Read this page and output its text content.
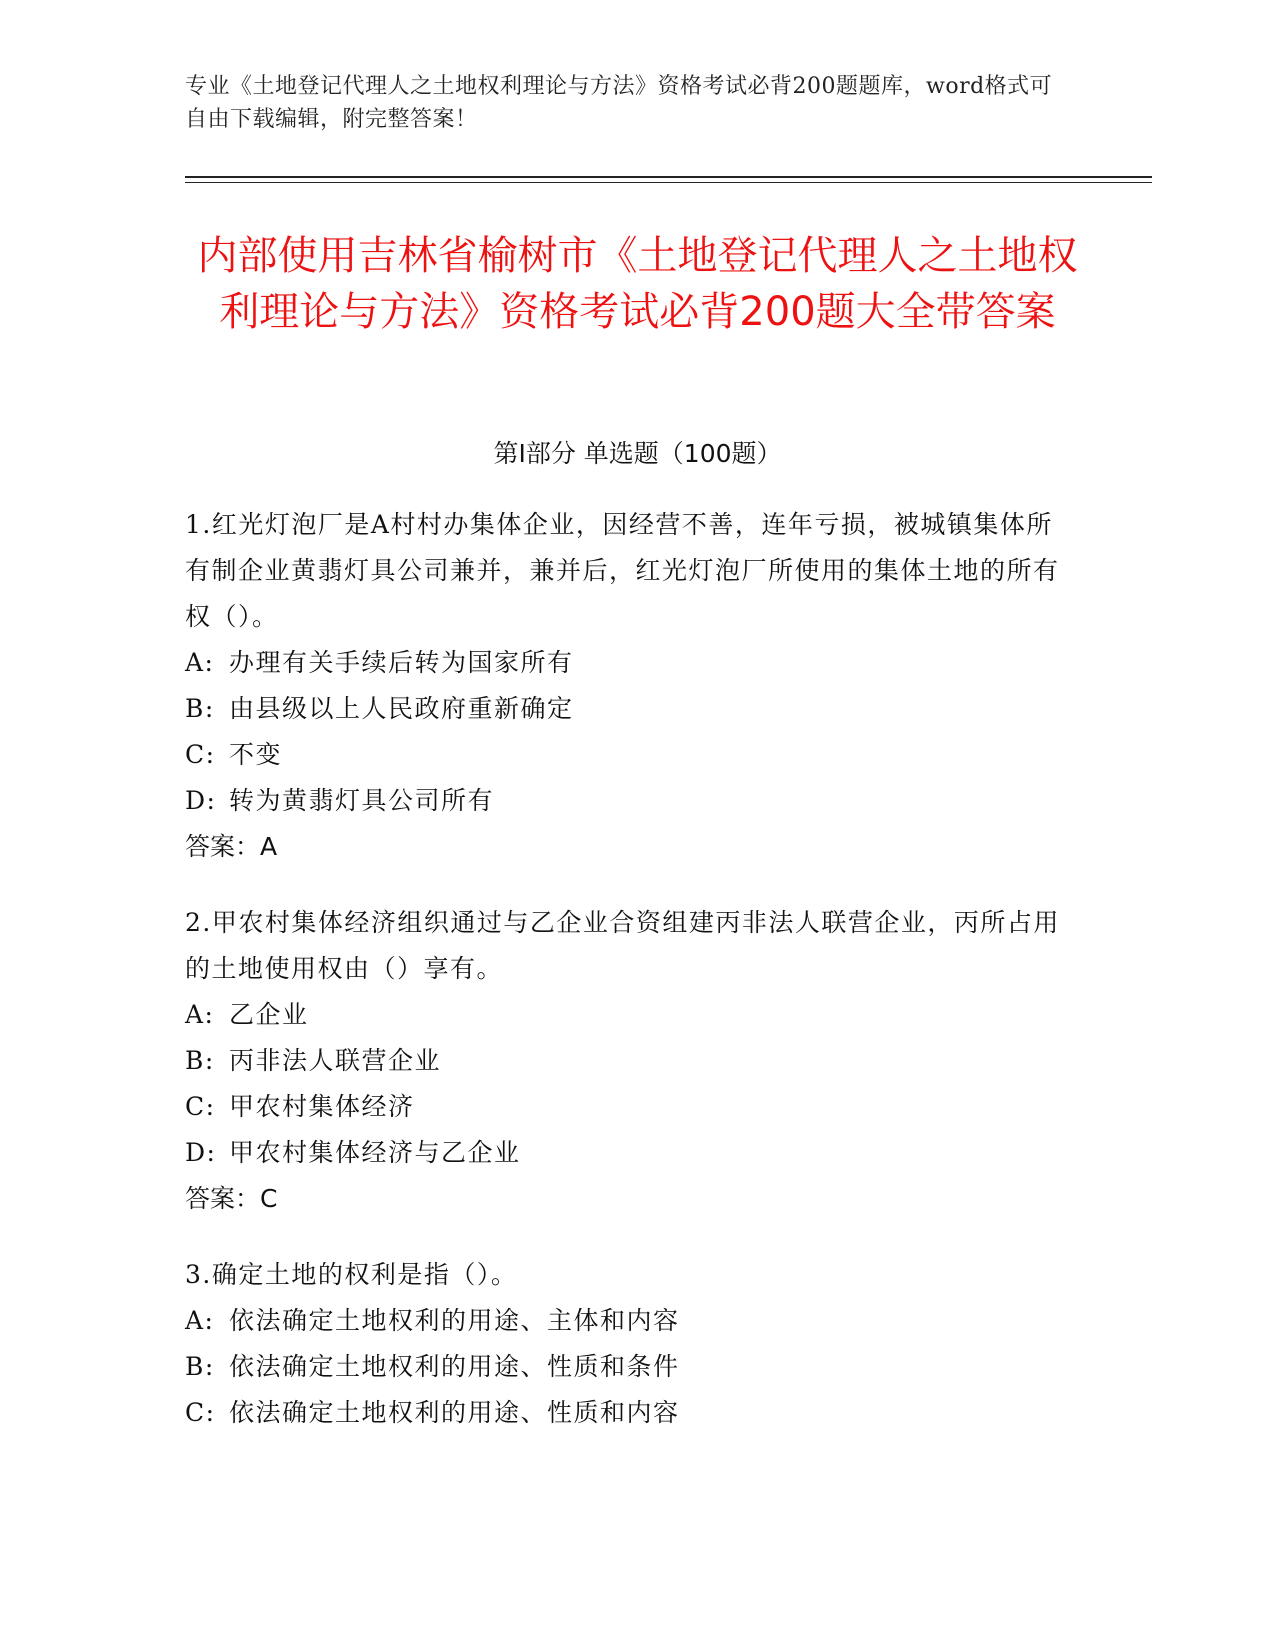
专业《土地登记代理人之土地权利理论与方法》资格考试必背200题题库，word格式可自由下载编辑，附完整答案！
内部使用吉林省榆树市《土地登记代理人之土地权利理论与方法》资格考试必背200题大全带答案
第Ⅰ部分 单选题（100题）
1.红光灯泡厂是A村村办集体企业，因经营不善，连年亏损，被城镇集体所有制企业黄翡灯具公司兼并，兼并后，红光灯泡厂所使用的集体土地的所有权（）。
A: 办理有关手续后转为国家所有
B: 由县级以上人民政府重新确定
C: 不变
D: 转为黄翡灯具公司所有
答案：A
2.甲农村集体经济组织通过与乙企业合资组建丙非法人联营企业，丙所占用的土地使用权由（）享有。
A: 乙企业
B: 丙非法人联营企业
C: 甲农村集体经济
D: 甲农村集体经济与乙企业
答案：C
3.确定土地的权利是指（）。
A: 依法确定土地权利的用途、主体和内容
B: 依法确定土地权利的用途、性质和条件
C: 依法确定土地权利的用途、性质和内容
